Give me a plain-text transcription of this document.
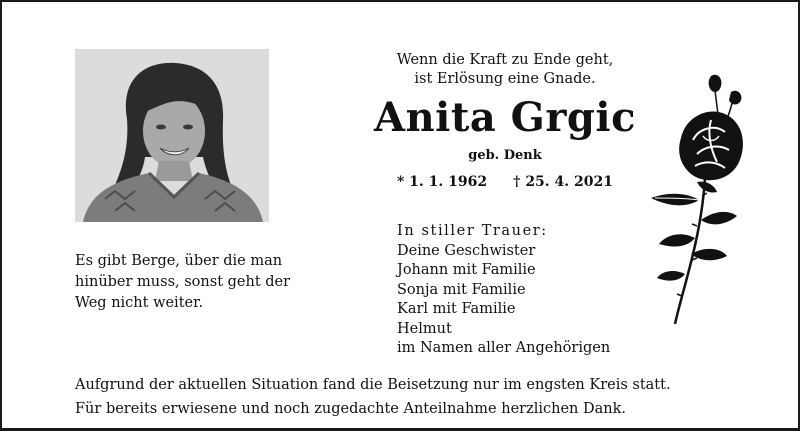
Es gibt Berge, über die man
hinüber muss, sonst geht der
Weg nicht weiter.
Wenn die Kraft zu Ende geht,
ist Erlösung eine Gnade.
Anita Grgic
geb. Denk
* 1. 1. 1962 † 25. 4. 2021
In stiller Trauer:
Deine Geschwister
Johann mit Familie
Sonja mit Familie
Karl mit Familie
Helmut
im Namen aller Angehörigen
Aufgrund der aktuellen Situation fand die Beisetzung nur im engsten Kreis statt.
Für bereits erwiesene und noch zugedachte Anteilnahme herzlichen Dank.
